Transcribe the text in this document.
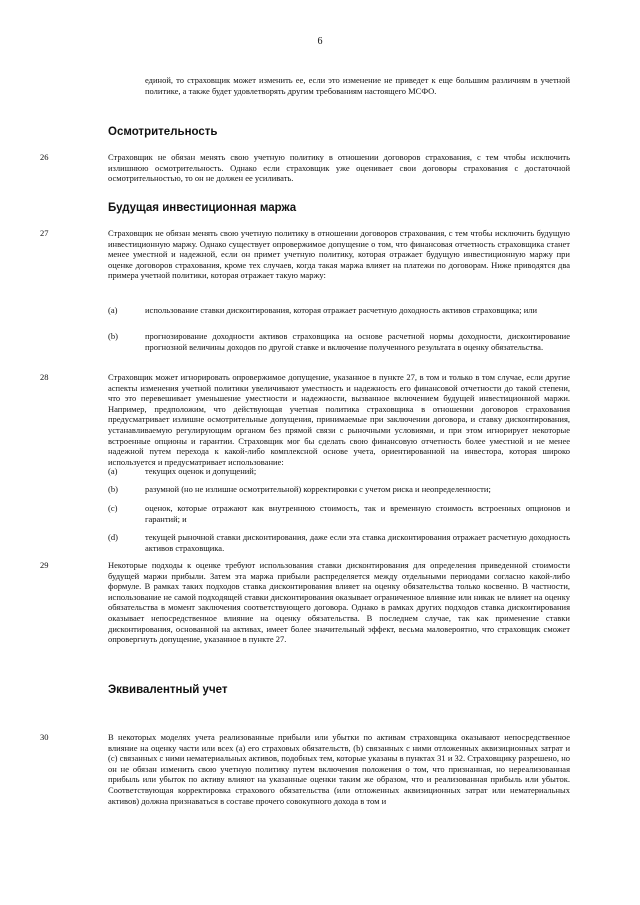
6
единой, то страховщик может изменить ее, если это изменение не приведет к еще большим различиям в учетной политике, а также будет удовлетворять другим требованиям настоящего МСФО.
Осмотрительность
26	Страховщик не обязан менять свою учетную политику в отношении договоров страхования, с тем чтобы исключить излишнюю осмотрительность. Однако если страховщик уже оценивает свои договоры страхования с достаточной осмотрительностью, то он не должен ее усиливать.
Будущая инвестиционная маржа
27	Страховщик не обязан менять свою учетную политику в отношении договоров страхования, с тем чтобы исключить будущую инвестиционную маржу. Однако существует опровержимое допущение о том, что финансовая отчетность страховщика станет менее уместной и надежной, если он примет учетную политику, которая отражает будущую инвестиционную маржу при оценке договоров страхования, кроме тех случаев, когда такая маржа влияет на платежи по договорам. Ниже приводятся два примера учетной политики, которая отражает такую маржу:
(a)	использование ставки дисконтирования, которая отражает расчетную доходность активов страховщика; или
(b)	прогнозирование доходности активов страховщика на основе расчетной нормы доходности, дисконтирование прогнозной величины доходов по другой ставке и включение полученного результата в оценку обязательства.
28	Страховщик может игнорировать опровержимое допущение, указанное в пункте 27, в том и только в том случае, если другие аспекты изменения учетной политики увеличивают уместность и надежность его финансовой отчетности до такой степени, что это перевешивает уменьшение уместности и надежности, вызванное включением будущей инвестиционной маржи. Например, предположим, что действующая учетная политика страховщика в отношении договоров страхования предусматривает излишне осмотрительные допущения, принимаемые при заключении договора, и ставку дисконтирования, устанавливаемую регулирующим органом без прямой связи с рыночными условиями, и при этом игнорирует некоторые встроенные опционы и гарантии. Страховщик мог бы сделать свою финансовую отчетность более уместной и не менее надежной путем перехода к какой-либо комплексной основе учета, ориентированной на инвестора, которая широко используется и предусматривает использование:
(a)	текущих оценок и допущений;
(b)	разумной (но не излишне осмотрительной) корректировки с учетом риска и неопределенности;
(c)	оценок, которые отражают как внутреннюю стоимость, так и временную стоимость встроенных опционов и гарантий; и
(d)	текущей рыночной ставки дисконтирования, даже если эта ставка дисконтирования отражает расчетную доходность активов страховщика.
29	Некоторые подходы к оценке требуют использования ставки дисконтирования для определения приведенной стоимости будущей маржи прибыли. Затем эта маржа прибыли распределяется между отдельными периодами согласно какой-либо формуле. В рамках таких подходов ставка дисконтирования влияет на оценку обязательства только косвенно. В частности, использование не самой подходящей ставки дисконтирования оказывает ограниченное влияние или никак не влияет на оценку обязательства в момент заключения соответствующего договора. Однако в рамках других подходов ставка дисконтирования оказывает непосредственное влияние на оценку обязательства. В последнем случае, так как применение ставки дисконтирования, основанной на активах, имеет более значительный эффект, весьма маловероятно, что страховщик сможет опровергнуть допущение, указанное в пункте 27.
Эквивалентный учет
30	В некоторых моделях учета реализованные прибыли или убытки по активам страховщика оказывают непосредственное влияние на оценку части или всех (а) его страховых обязательств, (b) связанных с ними отложенных аквизиционных затрат и (с) связанных с ними нематериальных активов, подобных тем, которые указаны в пунктах 31 и 32. Страховщику разрешено, но он не обязан изменить свою учетную политику путем включения положения о том, что признанная, но нереализованная прибыль или убыток по активу влияют на указанные оценки таким же образом, что и реализованная прибыль или убыток. Соответствующая корректировка страхового обязательства (или отложенных аквизиционных затрат или нематериальных активов) должна признаваться в составе прочего совокупного дохода в том и
